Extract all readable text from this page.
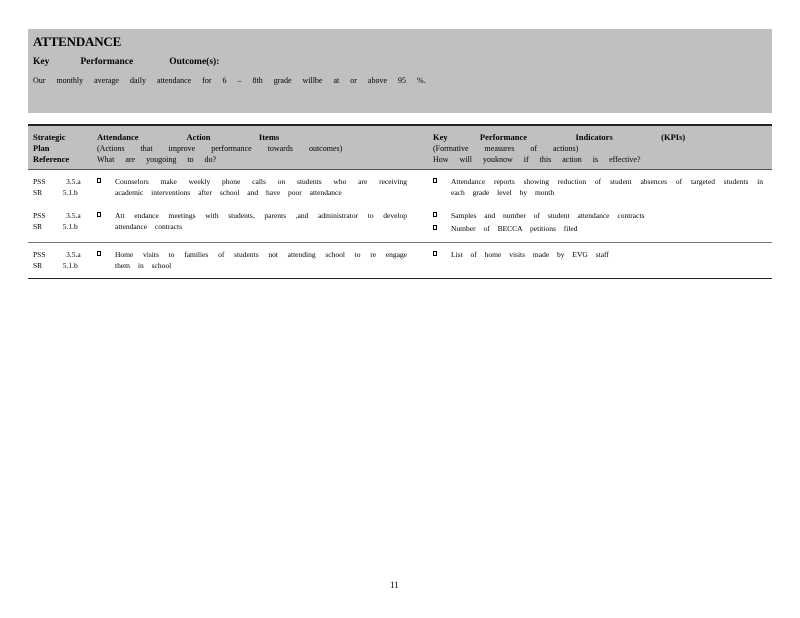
ATTENDANCE
Key   Performance	Outcome(s):
Our monthly average daily attendance for 6 – 8th grade willbe at or above 95 %.
Strategic
Plan
Reference
Attendance   Action   Items
(Actions that improve performance towards outcomes)
What are yougoing to do?
Key  Performance   Indicators   (KPIs)
(Formative measures of actions)
How will youknow if this action is effective?
PSS   3.5.a
SR   5.1.b
Counselors make weekly phone calls on students who are receiving academic interventions after school and have poor attendance
Attendance reports showing reduction of student absences of targeted students in each grade level by month
PSS   3.5.a
SR   5.1.b
Att endance meetings with students, parents ,and administrator to develop attendance contracts
Samples and number of student attendance contracts
Number of BECCA petitions filed
PSS   3.5.a
SR   5.1.b
Home visits to families of students not attending school to re engage them in school
List of home visits made by EVG staff
11
